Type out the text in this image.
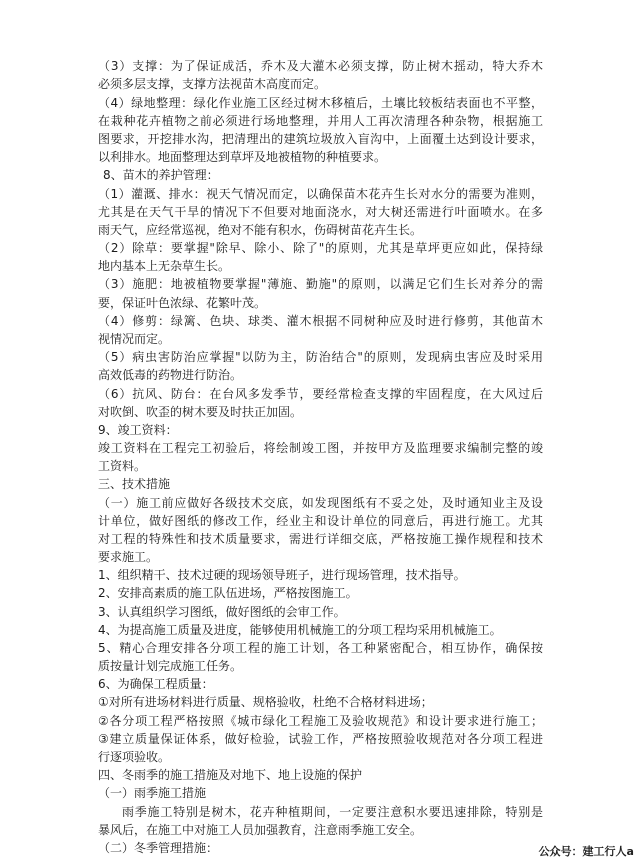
（3）支撑：为了保证成活，乔木及大灌木必须支撑，防止树木摇动，特大乔木
必须多层支撑，支撑方法视苗木高度而定。
（4）绿地整理：绿化作业施工区经过树木移植后，土壤比较板结表面也不平整，
在栽种花卉植物之前必须进行场地整理，并用人工再次清理各种杂物，根据施工
图要求，开挖排水沟，把清理出的建筑垃圾放入盲沟中，上面覆土达到设计要求，
以利排水。地面整理达到草坪及地被植物的种植要求。
8、苗木的养护管理：
（1）灌溉、排水：视天气情况而定，以确保苗木花卉生长对水分的需要为准则，
尤其是在天气干旱的情况下不但要对地面浇水，对大树还需进行叶面喷水。在多
雨天气，应经常巡视，绝对不能有积水，伤碍树苗花卉生长。
（2）除草：要掌握"除早、除小、除了"的原则，尤其是草坪更应如此，保持绿
地内基本上无杂草生长。
（3）施肥：地被植物要掌握"薄施、勤施"的原则，以满足它们生长对养分的需
要，保证叶色浓绿、花繁叶茂。
（4）修剪：绿篱、色块、球类、灌木根据不同树种应及时进行修剪，其他苗木
视情况而定。
（5）病虫害防治应掌握"以防为主，防治结合"的原则，发现病虫害应及时采用
高效低毒的药物进行防治。
（6）抗风、防台：在台风多发季节，要经常检查支撑的牢固程度，在大风过后
对吹倒、吹歪的树木要及时扶正加固。
9、竣工资料：
竣工资料在工程完工初验后，将绘制竣工图，并按甲方及监理要求编制完整的竣
工资料。
三、技术措施
（一）施工前应做好各级技术交底，如发现图纸有不妥之处，及时通知业主及设
计单位，做好图纸的修改工作，经业主和设计单位的同意后，再进行施工。尤其
对工程的特殊性和技术质量要求，需进行详细交底，严格按施工操作规程和技术
要求施工。
1、组织精干、技术过硬的现场领导班子，进行现场管理，技术指导。
2、安排高素质的施工队伍进场，严格按图施工。
3、认真组织学习图纸，做好图纸的会审工作。
4、为提高施工质量及进度，能够使用机械施工的分项工程均采用机械施工。
5、精心合理安排各分项工程的施工计划，各工种紧密配合，相互协作，确保按
质按量计划完成施工任务。
6、为确保工程质量：
①对所有进场材料进行质量、规格验收，杜绝不合格材料进场；
②各分项工程严格按照《城市绿化工程施工及验收规范》和设计要求进行施工；
③建立质量保证体系，做好检验，试验工作，严格按照验收规范对各分项工程进
行逐项验收。
四、冬雨季的施工措施及对地下、地上设施的保护
（一）雨季施工措施
雨季施工特别是树木，花卉种植期间，一定要注意积水要迅速排除，特别是
暴风后，在施工中对施工人员加强教育，注意雨季施工安全。
（二）冬季管理措施：	公众号：建工行人a
